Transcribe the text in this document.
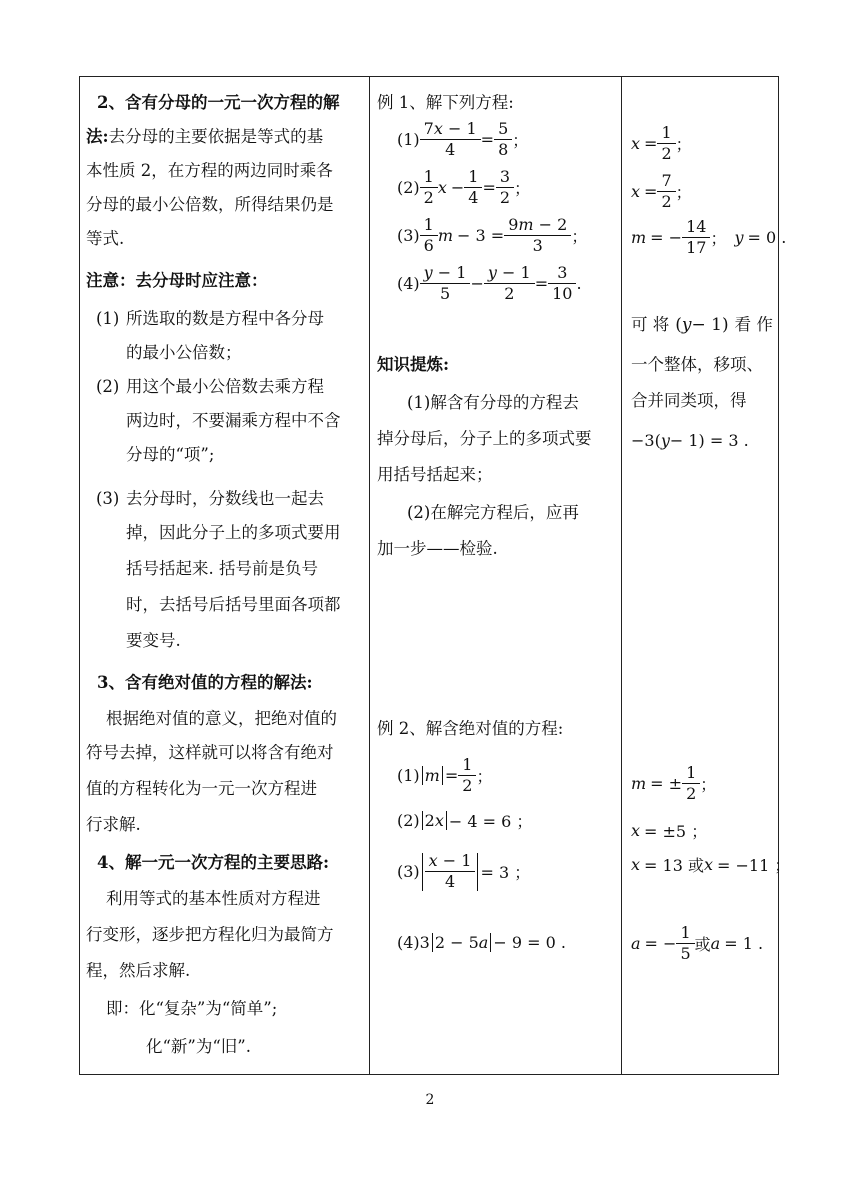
2、含有分母的一元一次方程的解
法:去分母的主要依据是等式的基
本性质 2，在方程的两边同时乘各
分母的最小公倍数，所得结果仍是
等式.
注意：去分母时应注意：
(1) 所选取的数是方程中各分母
的最小公倍数；
(2) 用这个最小公倍数去乘方程
两边时，不要漏乘方程中不含
分母的“项”;
(3) 去分母时，分数线也一起去
掉，因此分子上的多项式要用
括号括起来. 括号前是负号
时，去括号后括号里面各项都
要变号.
3、含有绝对值的方程的解法:
根据绝对值的意义，把绝对值的
符号去掉，这样就可以将含有绝对
值的方程转化为一元一次方程进
行求解.
4、解一元一次方程的主要思路:
利用等式的基本性质对方程进
行变形，逐步把方程化归为最简方
程，然后求解.
即：化“复杂”为“简单”;
化“新”为“旧”.
例 1、解下列方程:
$(1) \frac{7x - 1}{4} = \frac{5}{8}$ ；
$(2) \frac{1}{2}$ $x - \frac{1}{4} = \frac{3}{2}$ ；
$(3) \frac{1}{6}$ $m - 3 = \frac{9m - 2}{3}$ ；
$(4) \frac{y - 1}{5} - \frac{y - 1}{2} = \frac{3}{10}$ .
知识提炼:
(1)解含有分母的方程去
掉分母后，分子上的多项式要
用括号括起来；
(2)在解完方程后，应再
加一步——检验.
例 2、解含绝对值的方程:
(1) $m = \frac{1}{2}$ ；
(2) 2 x − 4 = 6 ；
$(3) \frac{x - 1}{4} = 3$ ；
(4)3 2 − 5 a − 9 = 0 .
$x = \frac{1}{2}$ ；
$x = \frac{7}{2}$ ；
m = − $\frac{14}{17}$ ； y = 0 .
可 将 ( y − 1) 看 作
一个整体，移项、
合并同类项，得
−3( y − 1) = 3 .
m = ± $\frac{1}{2}$ ；
x = ±5 ；
x = 13 或 x = −11 ；
a = − $\frac{1}{5}$ 或 a = 1 .
2
